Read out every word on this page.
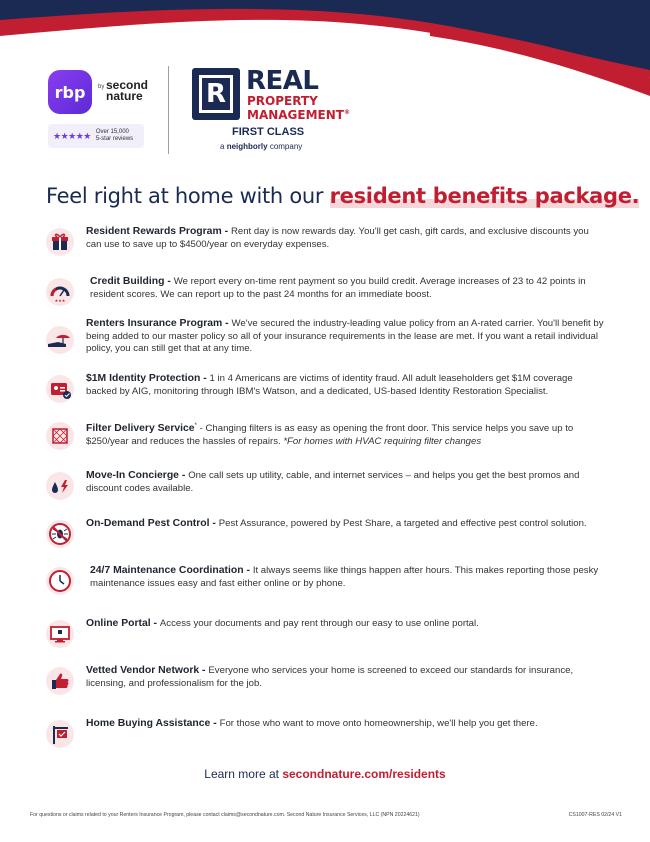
rbp	by second nature
★★★★★ Over 15,000
5-star reviews
R REAL
PROPERTY
MANAGEMENT®
FIRST CLASS
a neighborly company
Feel right at home with our resident benefits package.
Resident Rewards Program - Rent day is now rewards day. You'll get cash, gift cards, and exclusive discounts you can use to save up to $4500/year on everyday expenses.
★★★
Credit Building - We report every on-time rent payment so you build credit. Average increases of 23 to 42 points in resident scores. We can report up to the past 24 months for an immediate boost.
Renters Insurance Program - We've secured the industry-leading value policy from an A-rated carrier. You'll benefit by being added to our master policy so all of your insurance requirements in the lease are met. If you want a retail individual policy, you can still get that at any time.
$1M Identity Protection - 1 in 4 Americans are victims of identity fraud. All adult leaseholders get $1M coverage backed by AIG, monitoring through IBM's Watson, and a dedicated, US-based Identity Restoration Specialist.
Filter Delivery Service* - Changing filters is as easy as opening the front door. This service helps you save up to $250/year and reduces the hassles of repairs. *For homes with HVAC requiring filter changes
Move-In Concierge - One call sets up utility, cable, and internet services – and helps you get the best promos and discount codes available.
On-Demand Pest Control - Pest Assurance, powered by Pest Share, a targeted and effective pest control solution.
24/7 Maintenance Coordination - It always seems like things happen after hours. This makes reporting those pesky maintenance issues easy and fast either online or by phone.
Online Portal - Access your documents and pay rent through our easy to use online portal.
Vetted Vendor Network - Everyone who services your home is screened to exceed our standards for insurance, licensing, and professionalism for the job.
Home Buying Assistance - For those who want to move onto homeownership, we'll help you get there.
Learn more at secondnature.com/residents
For questions or claims related to your Renters Insurance Program, please contact claims@secondnature.com. Second Nature Insurance Services, LLC (NPN 20224621)	CS1007-RES 02/24 V1
